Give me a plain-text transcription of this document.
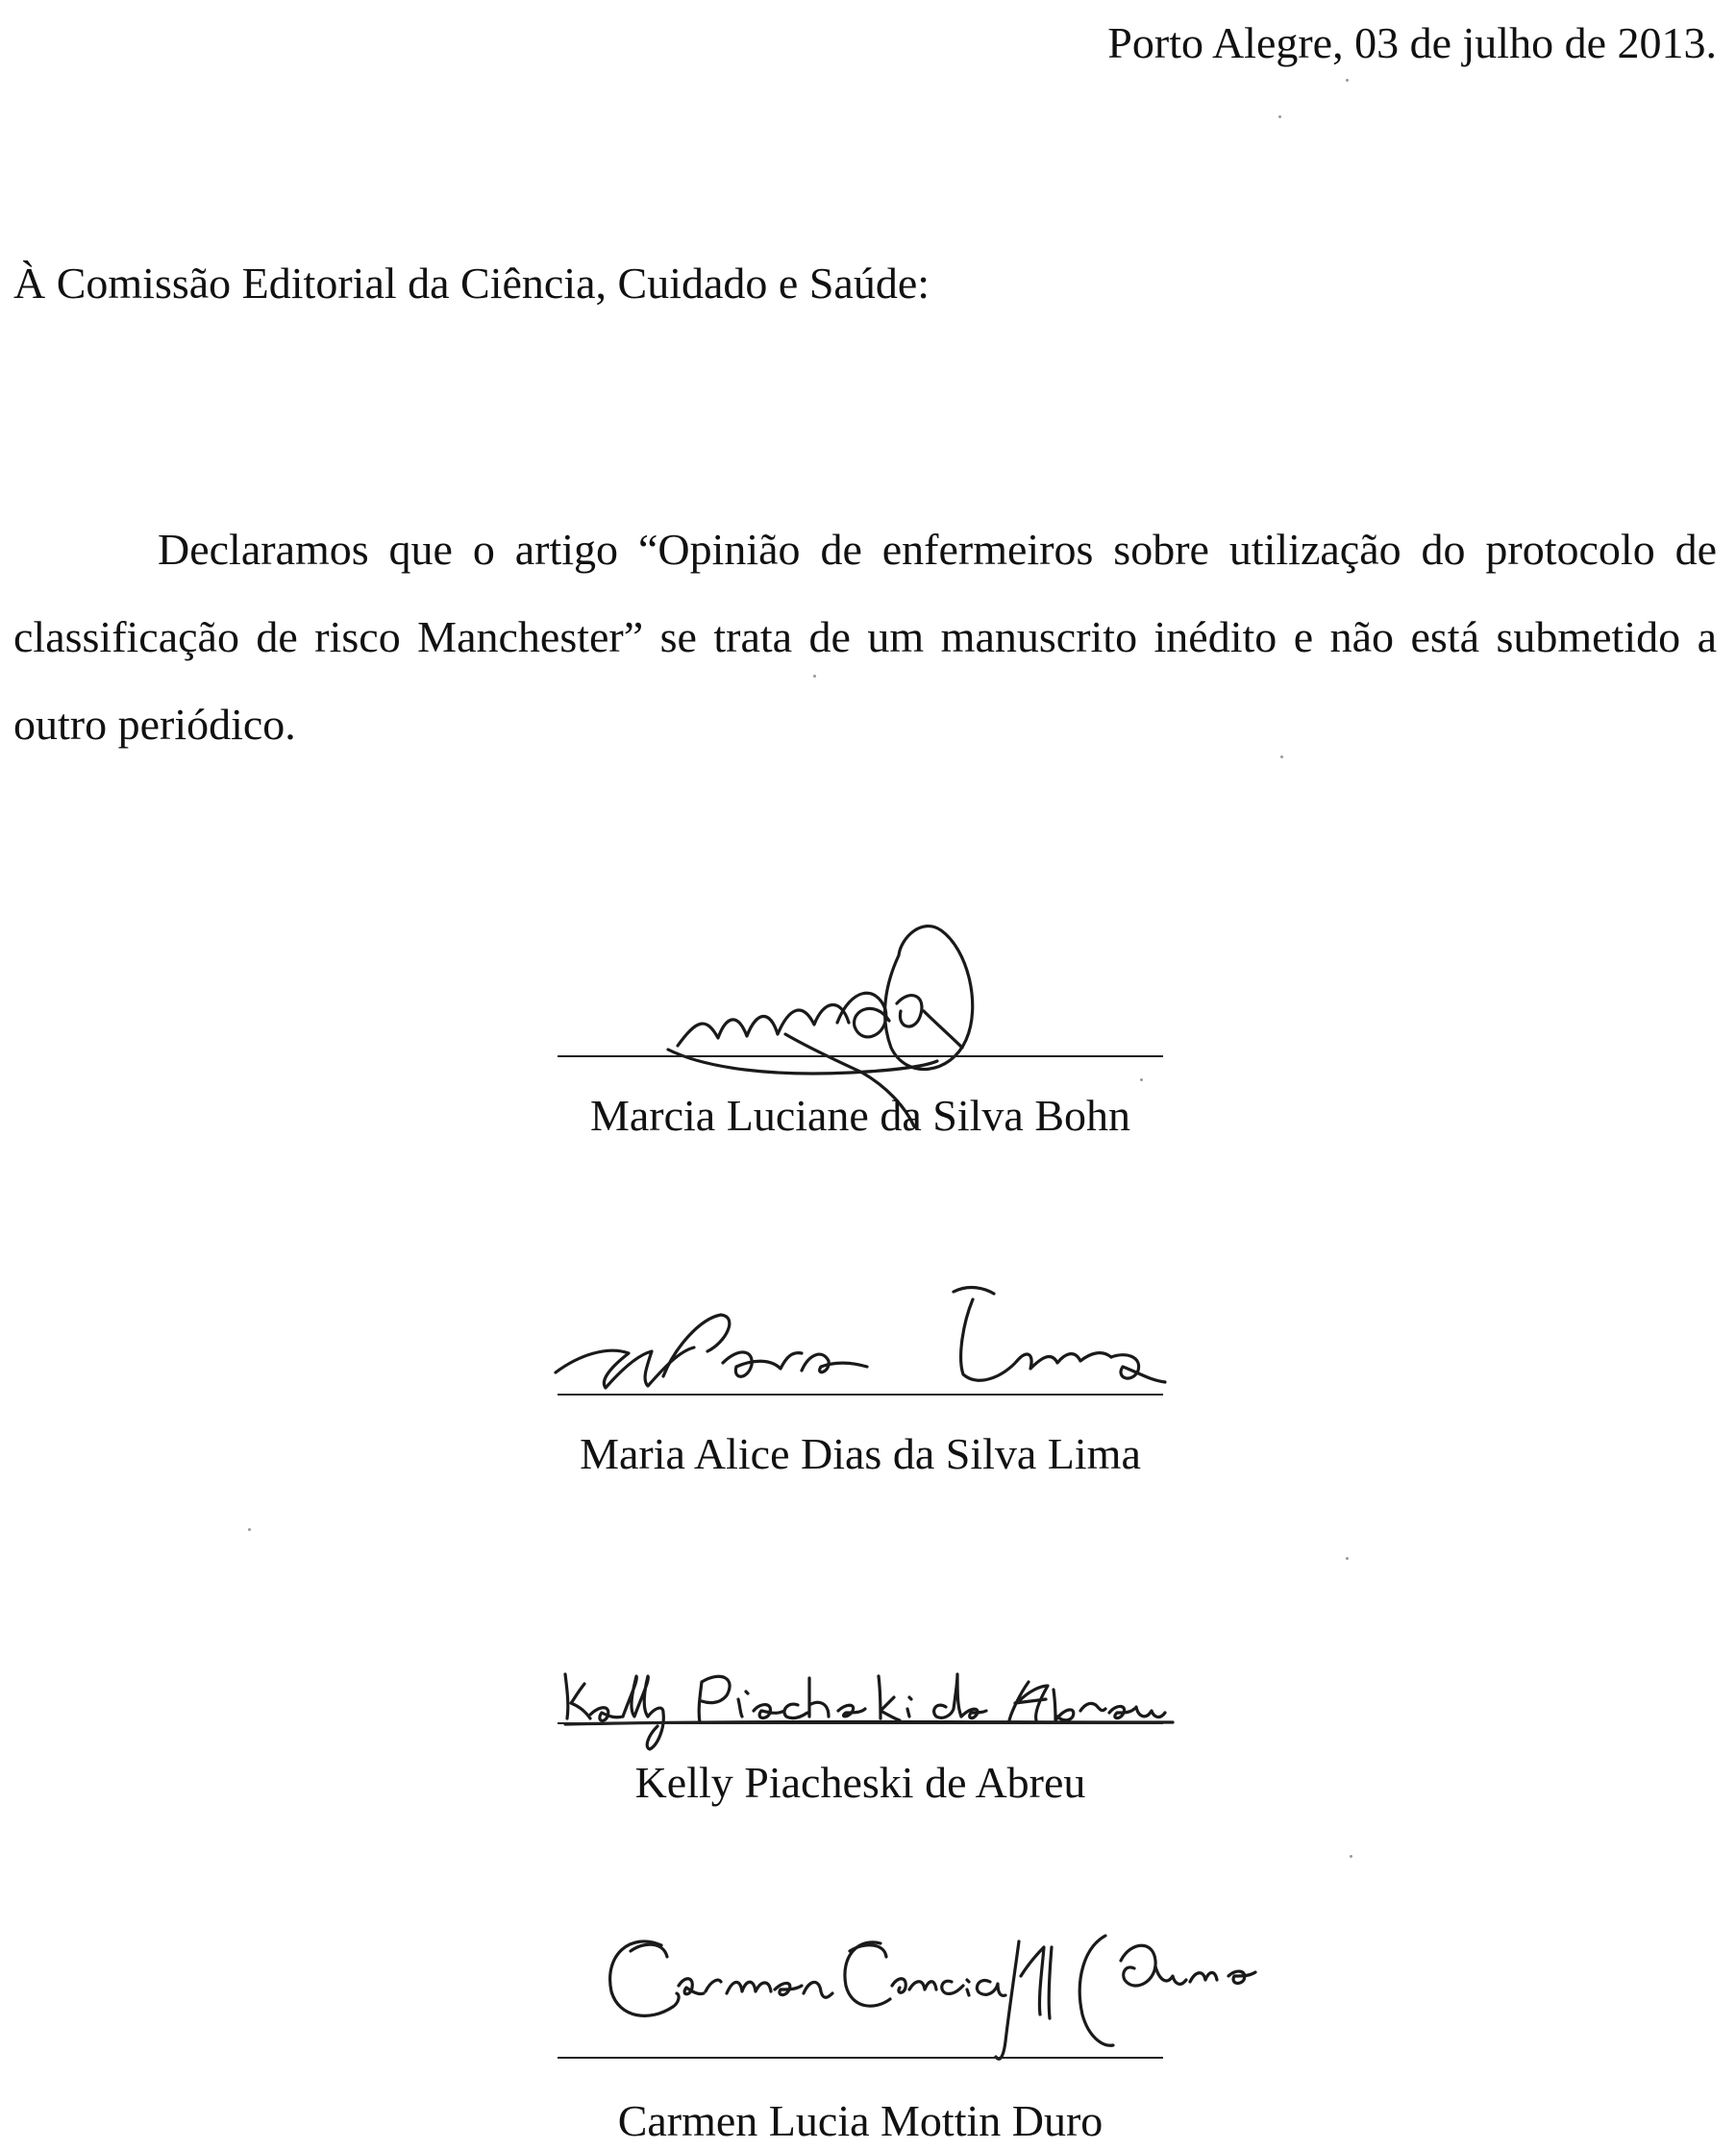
Porto Alegre, 03 de julho de 2013.
À Comissão Editorial da Ciência, Cuidado e Saúde:
Declaramos que o artigo “Opinião de enfermeiros sobre utilização do protocolo de classificação de risco Manchester” se trata de um manuscrito inédito e não está submetido a outro periódico.
Marcia Luciane da Silva Bohn
Maria Alice Dias da Silva Lima
Kelly Piacheski de Abreu
Carmen Lucia Mottin Duro
